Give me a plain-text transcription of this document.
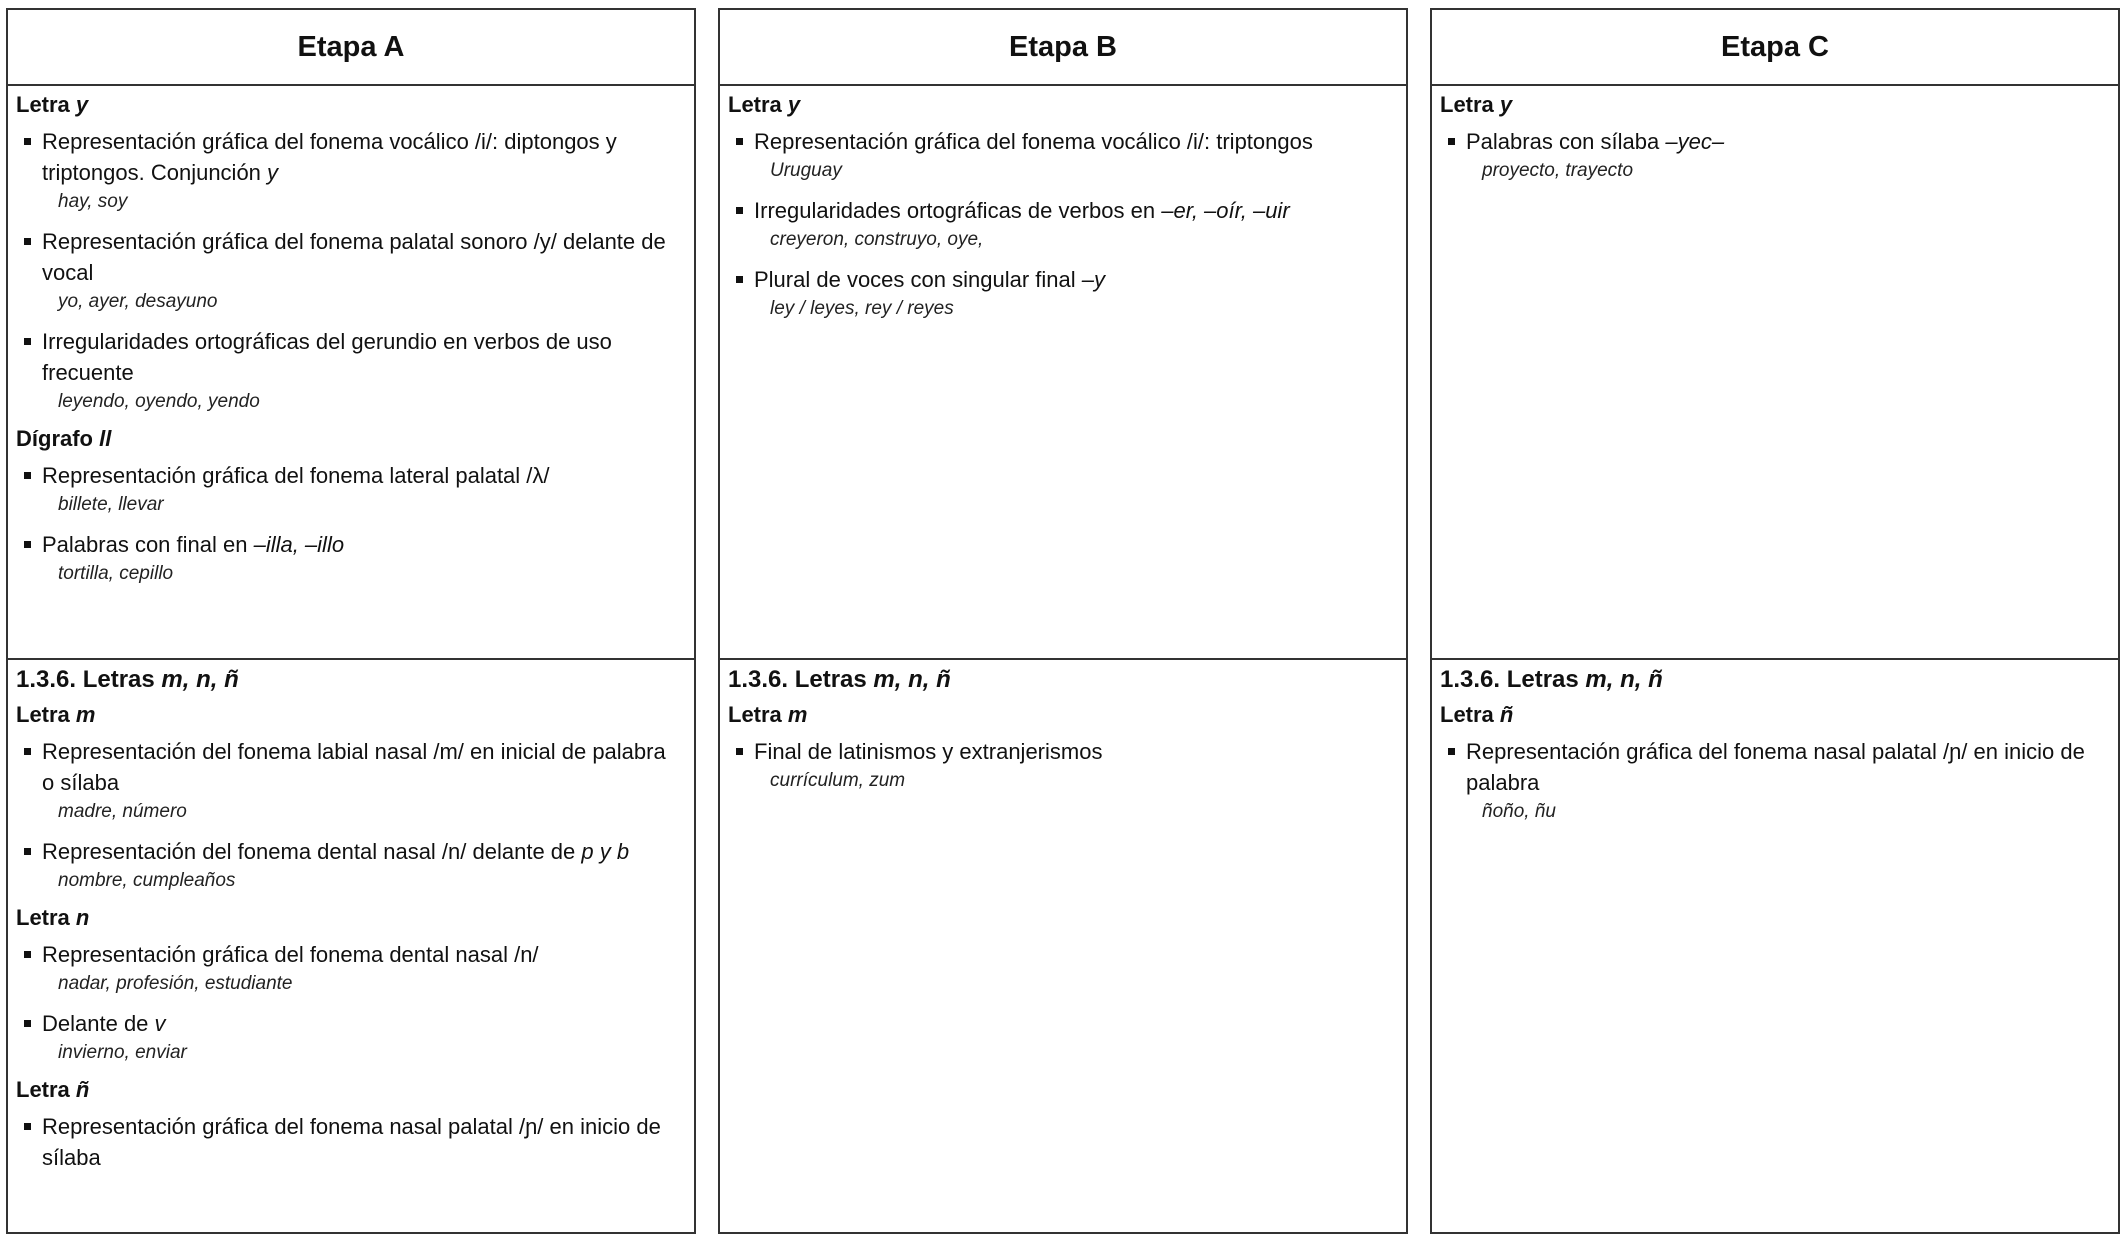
Etapa A
Letra y
Representación gráfica del fonema vocálico /i/: diptongos y triptongos. Conjunción y
hay, soy
Representación gráfica del fonema palatal sonoro /y/ delante de vocal
yo, ayer, desayuno
Irregularidades ortográficas del gerundio en verbos de uso frecuente
leyendo, oyendo, yendo
Dígrafo ll
Representación gráfica del fonema lateral palatal /λ/
billete, llevar
Palabras con final en –illa, –illo
tortilla, cepillo
1.3.6. Letras m, n, ñ
Letra m
Representación del fonema labial nasal /m/ en inicial de palabra o sílaba
madre, número
Representación del fonema dental nasal /n/ delante de p y b
nombre, cumpleaños
Letra n
Representación gráfica del fonema dental nasal /n/
nadar, profesión, estudiante
Delante de v
invierno, enviar
Letra ñ
Representación gráfica del fonema nasal palatal /ɲ/ en inicio de sílaba
Etapa B
Letra y
Representación gráfica del fonema vocálico /i/: triptongos
Uruguay
Irregularidades ortográficas de verbos en –er, –oír, –uir
creyeron, construyo, oye,
Plural de voces con singular final –y
ley / leyes, rey / reyes
1.3.6. Letras m, n, ñ
Letra m
Final de latinismos y extranjerismos
currículum, zum
Etapa C
Letra y
Palabras con sílaba –yec–
proyecto, trayecto
1.3.6. Letras m, n, ñ
Letra ñ
Representación gráfica del fonema nasal palatal /ɲ/ en inicio de palabra
ñoño, ñu
